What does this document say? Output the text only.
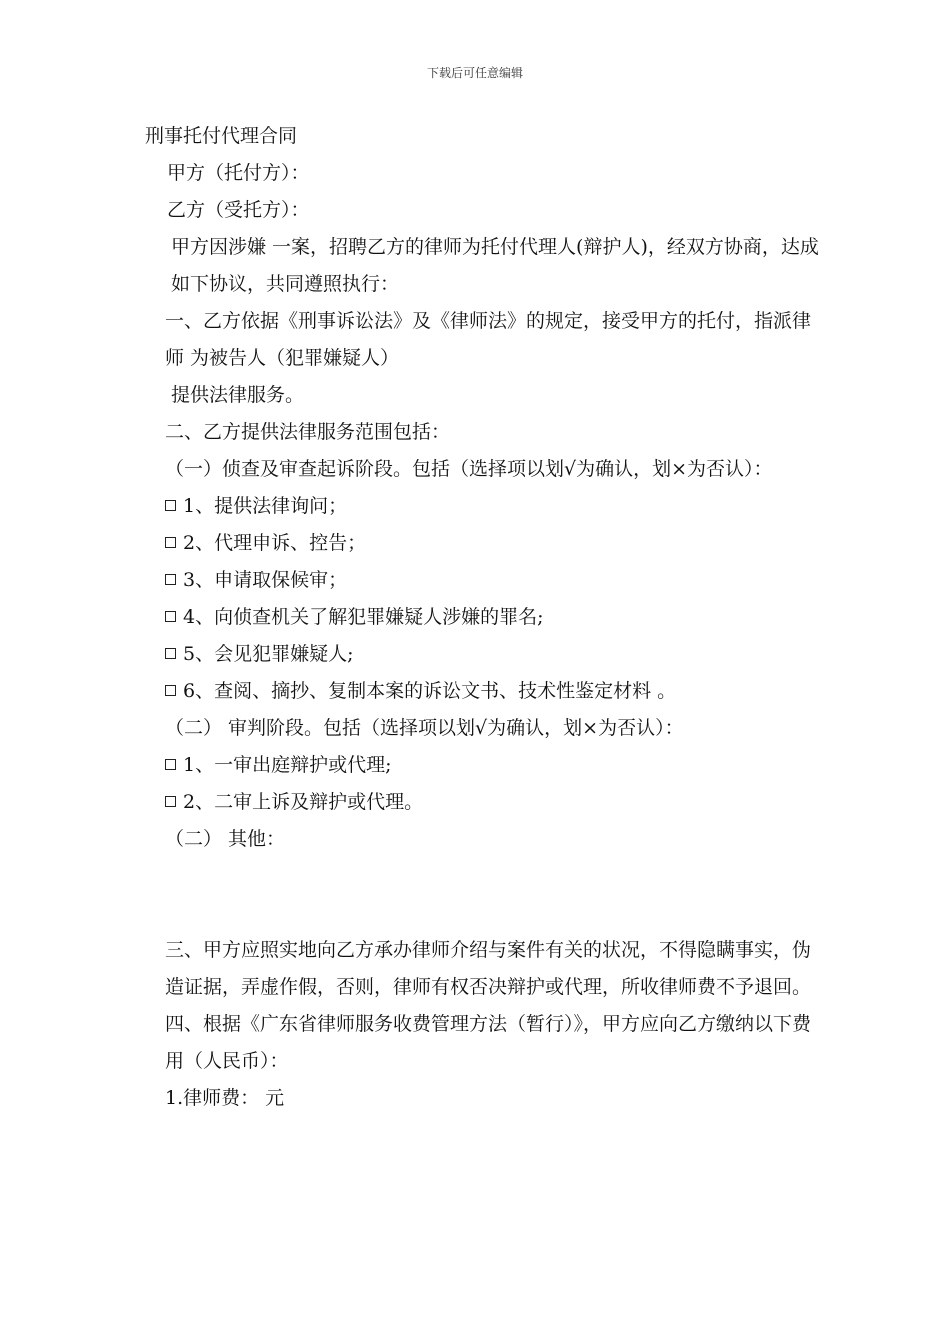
下载后可任意编辑

刑事托付代理合同

甲方（托付方）：

乙方（受托方）：

甲方因涉嫌 一案，招聘乙方的律师为托付代理人(辩护人)，经双方协商，达成如下协议，共同遵照执行：

一、乙方依据《刑事诉讼法》及《律师法》的规定，接受甲方的托付，指派律师 为被告人（犯罪嫌疑人）

提供法律服务。

二、乙方提供法律服务范围包括：

（一）侦查及审查起诉阶段。包括（选择项以划√为确认，划×为否认）：

1、提供法律询问；

2、代理申诉、控告；

3、申请取保候审；

4、向侦查机关了解犯罪嫌疑人涉嫌的罪名;

5、会见犯罪嫌疑人;

6、查阅、摘抄、复制本案的诉讼文书、技术性鉴定材料 。

（二） 审判阶段。包括（选择项以划√为确认，划×为否认）：

1、一审出庭辩护或代理;

2、二审上诉及辩护或代理。

（二） 其他：

三、甲方应照实地向乙方承办律师介绍与案件有关的状况，不得隐瞒事实，伪造证据，弄虚作假，否则，律师有权否决辩护或代理，所收律师费不予退回。

四、根据《广东省律师服务收费管理方法（暂行）》，甲方应向乙方缴纳以下费用（人民币）：

1.律师费： 元
